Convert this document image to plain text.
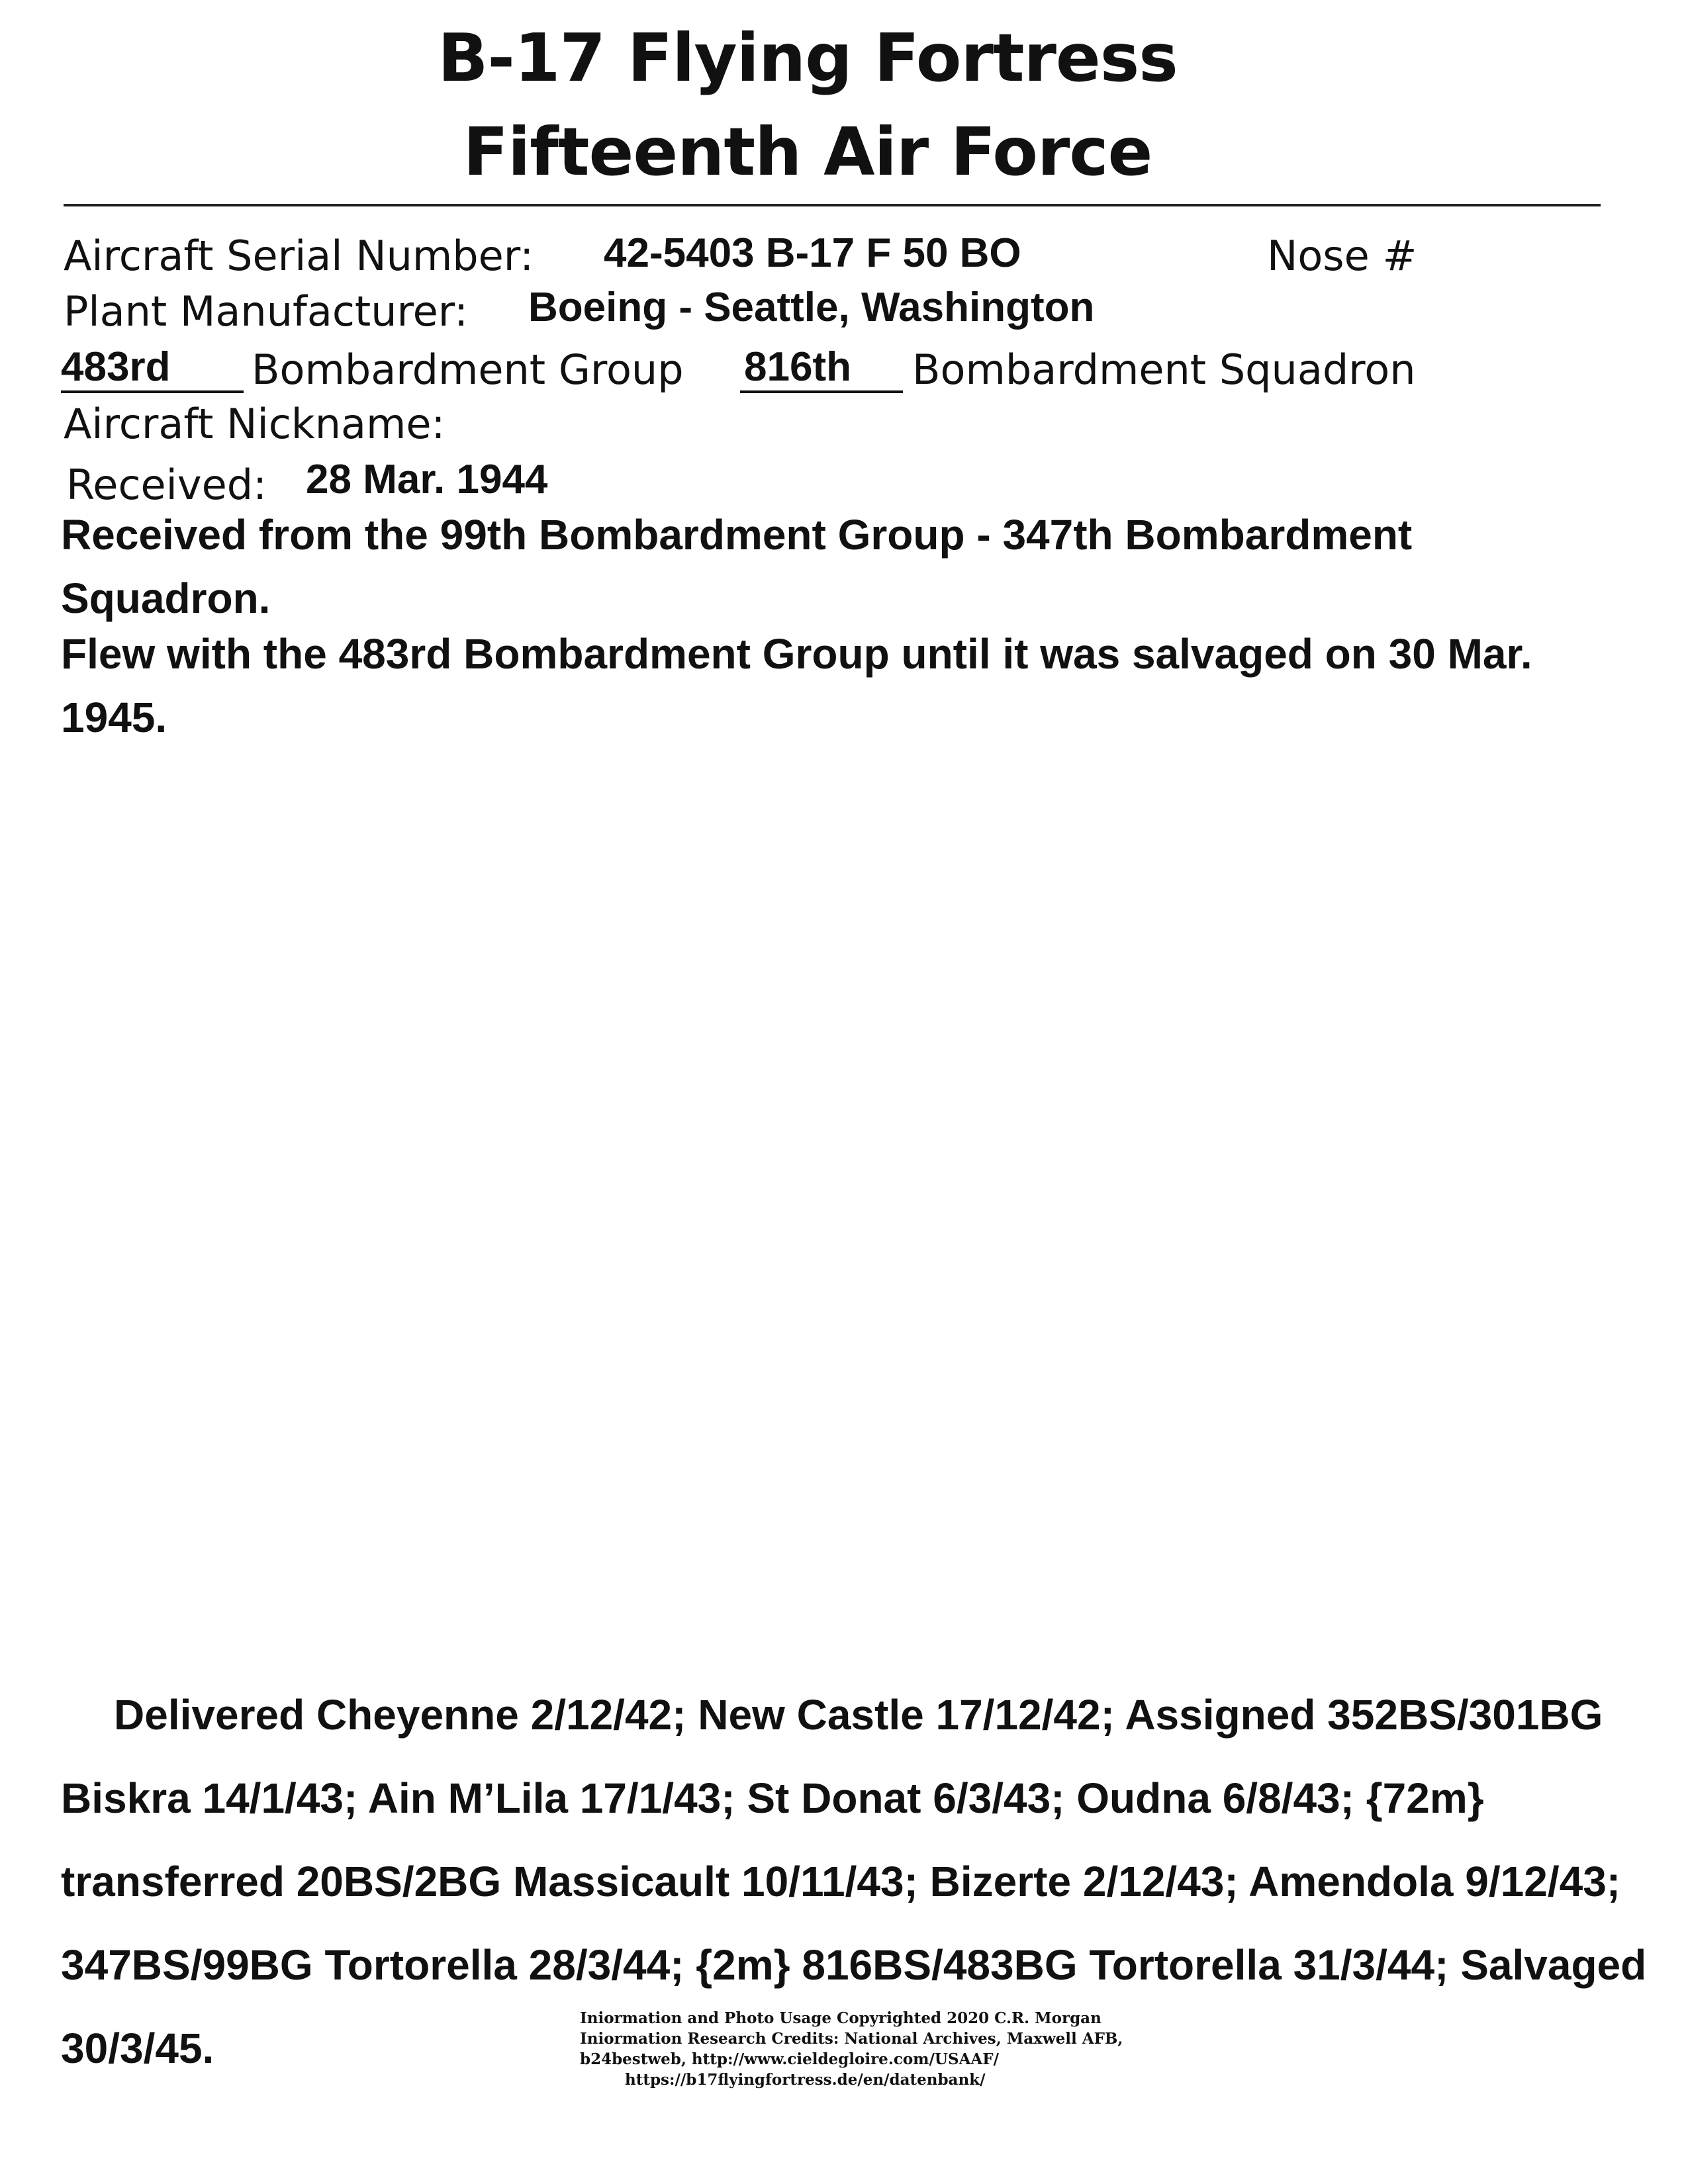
B-17 Flying Fortress
Fifteenth Air Force
Aircraft Serial Number: 42-5403 B-17 F 50 BO	Nose #
Plant Manufacturer: Boeing - Seattle, Washington
483rd	Bombardment Group 816th	Bombardment Squadron
Aircraft Nickname:
Received: 28 Mar. 1944

Received from the 99th Bombardment Group - 347th Bombardment Squadron.

Flew with the 483rd Bombardment Group until it was salvaged on 30 Mar. 1945.

Delivered Cheyenne 2/12/42; New Castle 17/12/42; Assigned 352BS/301BG Biskra 14/1/43; Ain M’Lila 17/1/43; St Donat 6/3/43; Oudna 6/8/43; {72m} transferred 20BS/2BG Massicault 10/11/43; Bizerte 2/12/43; Amendola 9/12/43; 347BS/99BG Tortorella 28/3/44; {2m} 816BS/483BG Tortorella 31/3/44; Salvaged 30/3/45.

Iniormation and Photo Usage Copyrighted 2020 C.R. Morgan
Iniormation Research Credits: National Archives, Maxwell AFB,
b24bestweb, http://www.cieldegloire.com/USAAF/
https://b17flyingfortress.de/en/datenbank/
